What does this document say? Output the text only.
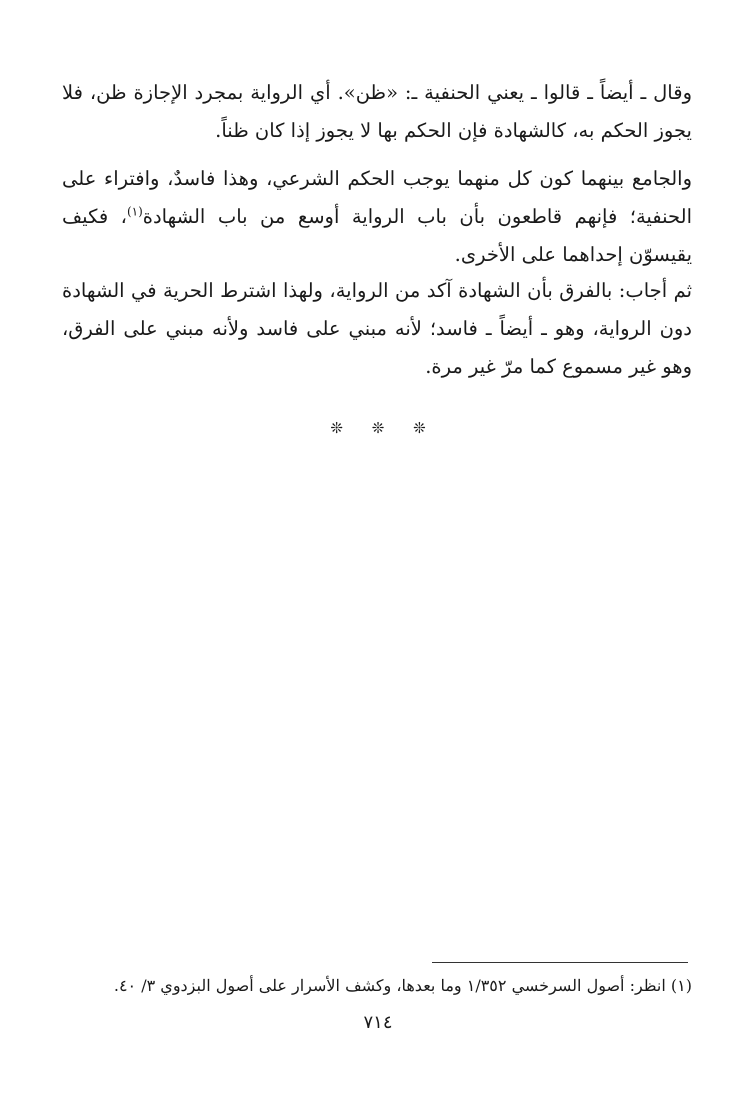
وقال ـ أيضاً ـ قالوا ـ يعني الحنفية ـ: «ظن». أي الرواية بمجرد الإجازة ظن، فلا يجوز الحكم به، كالشهادة فإن الحكم بها لا يجوز إذا كان ظناً.

والجامع بينهما كون كل منهما يوجب الحكم الشرعي، وهذا فاسدٌ، وافتراء على الحنفية؛ فإنهم قاطعون بأن باب الرواية أوسع من باب الشهادة$^{(١)}$، فكيف يقيسوّن إحداهما على الأخرى.

ثم أجاب: بالفرق بأن الشهادة آكد من الرواية، ولهذا اشترط الحرية في الشهادة دون الرواية، وهو ـ أيضاً ـ فاسد؛ لأنه مبني على فاسد ولأنه مبني على الفرق، وهو غير مسموع كما مرّ غير مرة.

❊ ❊ ❊
(١) انظر: أصول السرخسي ١/٣٥٢ وما بعدها، وكشف الأسرار على أصول البزدوي ٣/ ٤٠.
٧١٤
